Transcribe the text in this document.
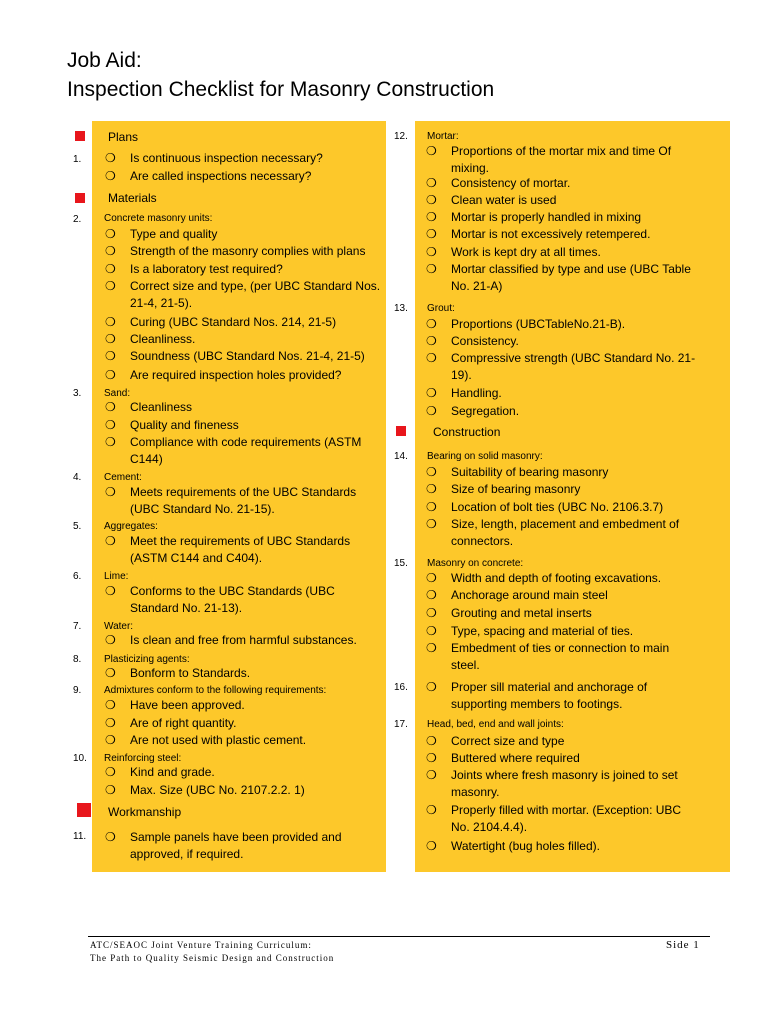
Job Aid:
Inspection Checklist for Masonry Construction
Plans
Materials
Workmanship
Construction
1.
2.
3.
4.
5.
6.
7.
8.
9.
10.
11.
12.
13.
14.
15.
16.
17.
Concrete masonry units:
Sand:
Cement:
Aggregates:
Lime:
Water:
Plasticizing agents:
Admixtures conform to the following requirements:
Reinforcing steel:
Mortar:
Grout:
Bearing on solid masonry:
Masonry on concrete:
Head, bed, end and wall joints:
❍ Is continuous inspection necessary?
❍ Are called inspections necessary?
❍ Type and quality
❍ Strength of the masonry complies with plans
❍ Is a laboratory test required?
❍ Correct size and type, (per UBC Standard Nos.
21-4, 21-5).
❍ Curing (UBC Standard Nos. 214, 21-5)
❍ Cleanliness.
❍ Soundness (UBC Standard Nos. 21-4, 21-5)
❍ Are required inspection holes provided?
❍ Cleanliness
❍ Quality and fineness
❍ Compliance with code requirements (ASTM
C144)
❍ Meets requirements of the UBC Standards
(UBC Standard No. 21-15).
❍ Meet the requirements of UBC Standards
(ASTM C144 and C404).
❍ Conforms to the UBC Standards (UBC
Standard No. 21-13).
❍ Is clean and free from harmful substances.
❍ Bonform to Standards.
❍ Have been approved.
❍ Are of right quantity.
❍ Are not used with plastic cement.
❍ Kind and grade.
❍ Max. Size (UBC No. 2107.2.2. 1)
❍ Sample panels have been provided and
approved, if required.
❍ Proportions of the mortar mix and time Of
mixing.
❍ Consistency of mortar.
❍ Clean water is used
❍ Mortar is properly handled in mixing
❍ Mortar is not excessively retempered.
❍ Work is kept dry at all times.
❍ Mortar classified by type and use (UBC Table
No. 21-A)
❍ Proportions (UBCTableNo.21-B).
❍ Consistency.
❍ Compressive strength (UBC Standard No. 21-
19).
❍ Handling.
❍ Segregation.
❍ Suitability of bearing masonry
❍ Size of bearing masonry
❍ Location of bolt ties (UBC No. 2106.3.7)
❍ Size, length, placement and embedment of
connectors.
❍ Width and depth of footing excavations.
❍ Anchorage around main steel
❍ Grouting and metal inserts
❍ Type, spacing and material of ties.
❍ Embedment of ties or connection to main
steel.
❍ Proper sill material and anchorage of
supporting members to footings.
❍ Correct size and type
❍ Buttered where required
❍ Joints where fresh masonry is joined to set
masonry.
❍ Properly filled with mortar. (Exception: UBC
No. 2104.4.4).
❍ Watertight (bug holes filled).
ATC/SEAOC Joint Venture Training Curriculum:
The Path to Quality Seismic Design and Construction
Side 1
